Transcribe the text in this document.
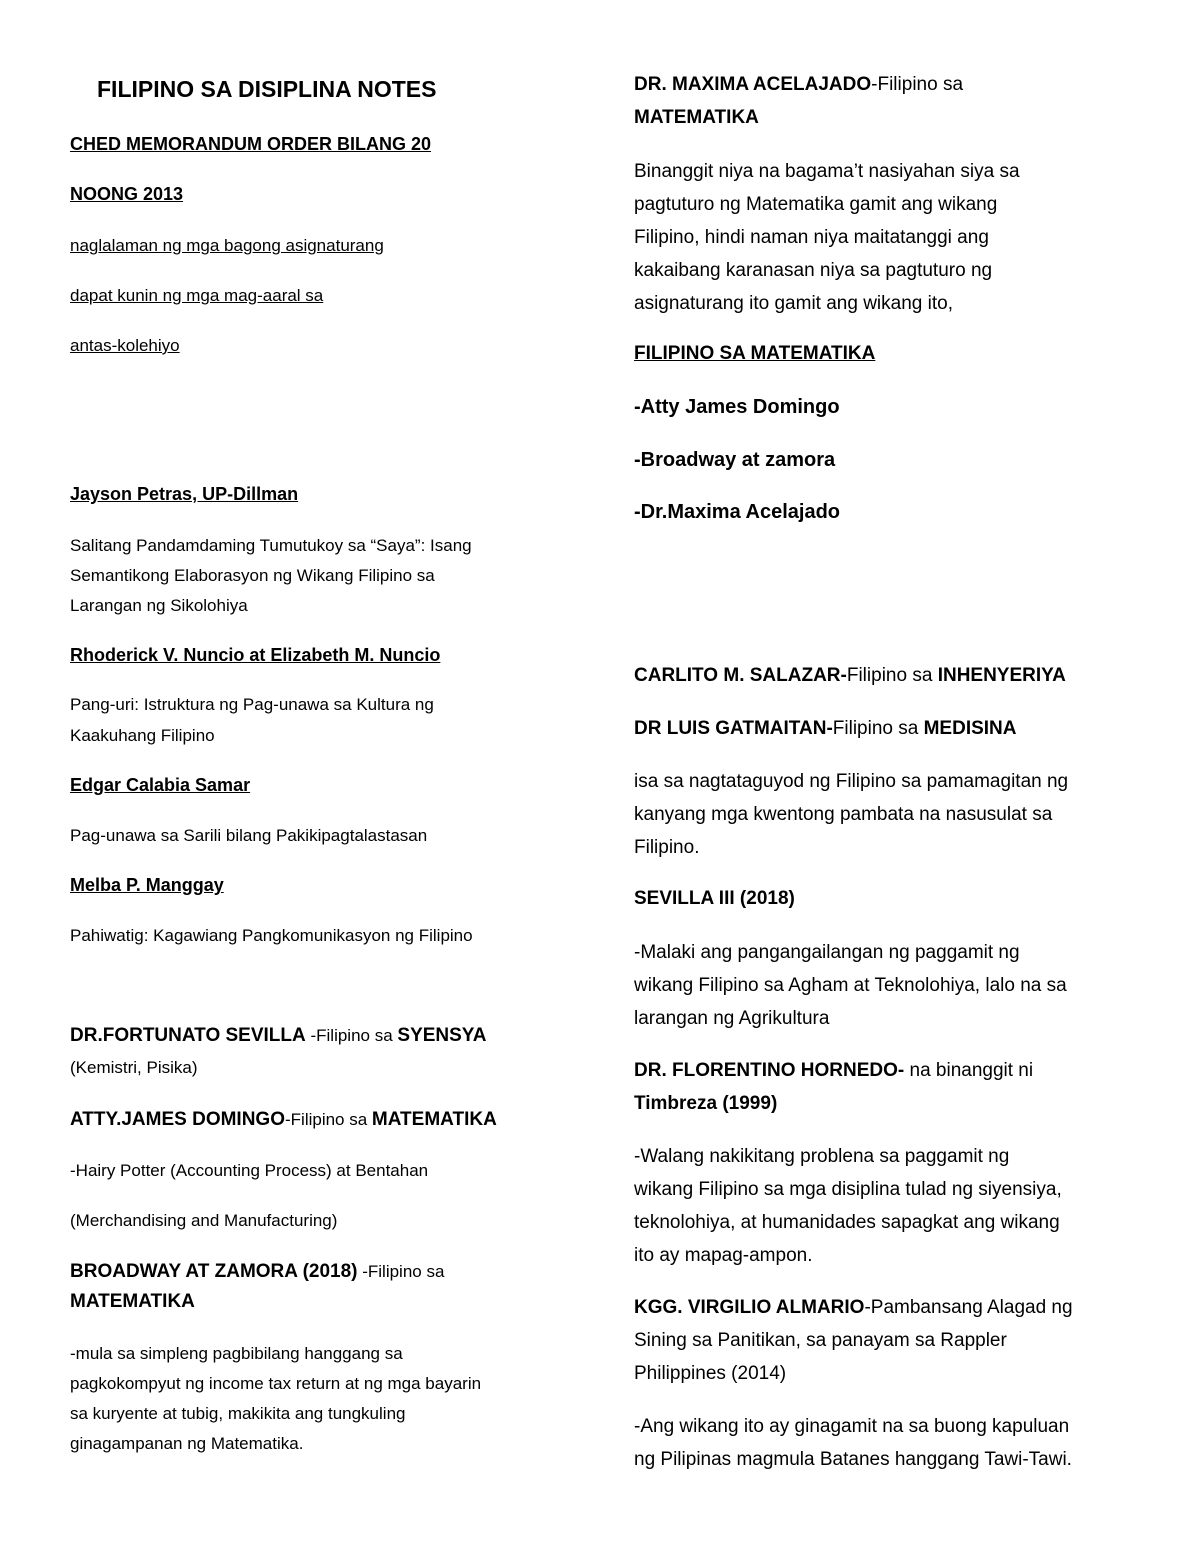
FILIPINO SA DISIPLINA NOTES

CHED MEMORANDUM ORDER BILANG 20

NOONG 2013

naglalaman ng mga bagong asignaturang

dapat kunin ng mga mag-aaral sa

antas-kolehiyo

Jayson Petras, UP-Dillman

Salitang Pandamdaming Tumutukoy sa “Saya”: Isang

Semantikong Elaborasyon ng Wikang Filipino sa

Larangan ng Sikolohiya

Rhoderick V. Nuncio at Elizabeth M. Nuncio

Pang-uri: Istruktura ng Pag-unawa sa Kultura ng

Kaakuhang Filipino

Edgar Calabia Samar

Pag-unawa sa Sarili bilang Pakikipagtalastasan

Melba P. Manggay

Pahiwatig: Kagawiang Pangkomunikasyon ng Filipino

DR.FORTUNATO SEVILLA -Filipino sa SYENSYA

(Kemistri, Pisika)

ATTY.JAMES DOMINGO-Filipino sa MATEMATIKA

-Hairy Potter (Accounting Process) at Bentahan

(Merchandising and Manufacturing)

BROADWAY AT ZAMORA (2018) -Filipino sa

MATEMATIKA

-mula sa simpleng pagbibilang hanggang sa

pagkokompyut ng income tax return at ng mga bayarin

sa kuryente at tubig, makikita ang tungkuling

ginagampanan ng Matematika.

DR. MAXIMA ACELAJADO-Filipino sa

MATEMATIKA

Binanggit niya na bagama’t nasiyahan siya sa

pagtuturo ng Matematika gamit ang wikang

Filipino, hindi naman niya maitatanggi ang

kakaibang karanasan niya sa pagtuturo ng

asignaturang ito gamit ang wikang ito,

FILIPINO SA MATEMATIKA

-Atty James Domingo

-Broadway at zamora

-Dr.Maxima Acelajado

CARLITO M. SALAZAR-Filipino sa INHENYERIYA

DR LUIS GATMAITAN-Filipino sa MEDISINA

isa sa nagtataguyod ng Filipino sa pamamagitan ng

kanyang mga kwentong pambata na nasusulat sa

Filipino.

SEVILLA III (2018)

-Malaki ang pangangailangan ng paggamit ng

wikang Filipino sa Agham at Teknolohiya, lalo na sa

larangan ng Agrikultura

DR. FLORENTINO HORNEDO- na binanggit ni

Timbreza (1999)

-Walang nakikitang problena sa paggamit ng

wikang Filipino sa mga disiplina tulad ng siyensiya,

teknolohiya, at humanidades sapagkat ang wikang

ito ay mapag-ampon.

KGG. VIRGILIO ALMARIO-Pambansang Alagad ng

Sining sa Panitikan, sa panayam sa Rappler

Philippines (2014)

-Ang wikang ito ay ginagamit na sa buong kapuluan

ng Pilipinas magmula Batanes hanggang Tawi-Tawi.
